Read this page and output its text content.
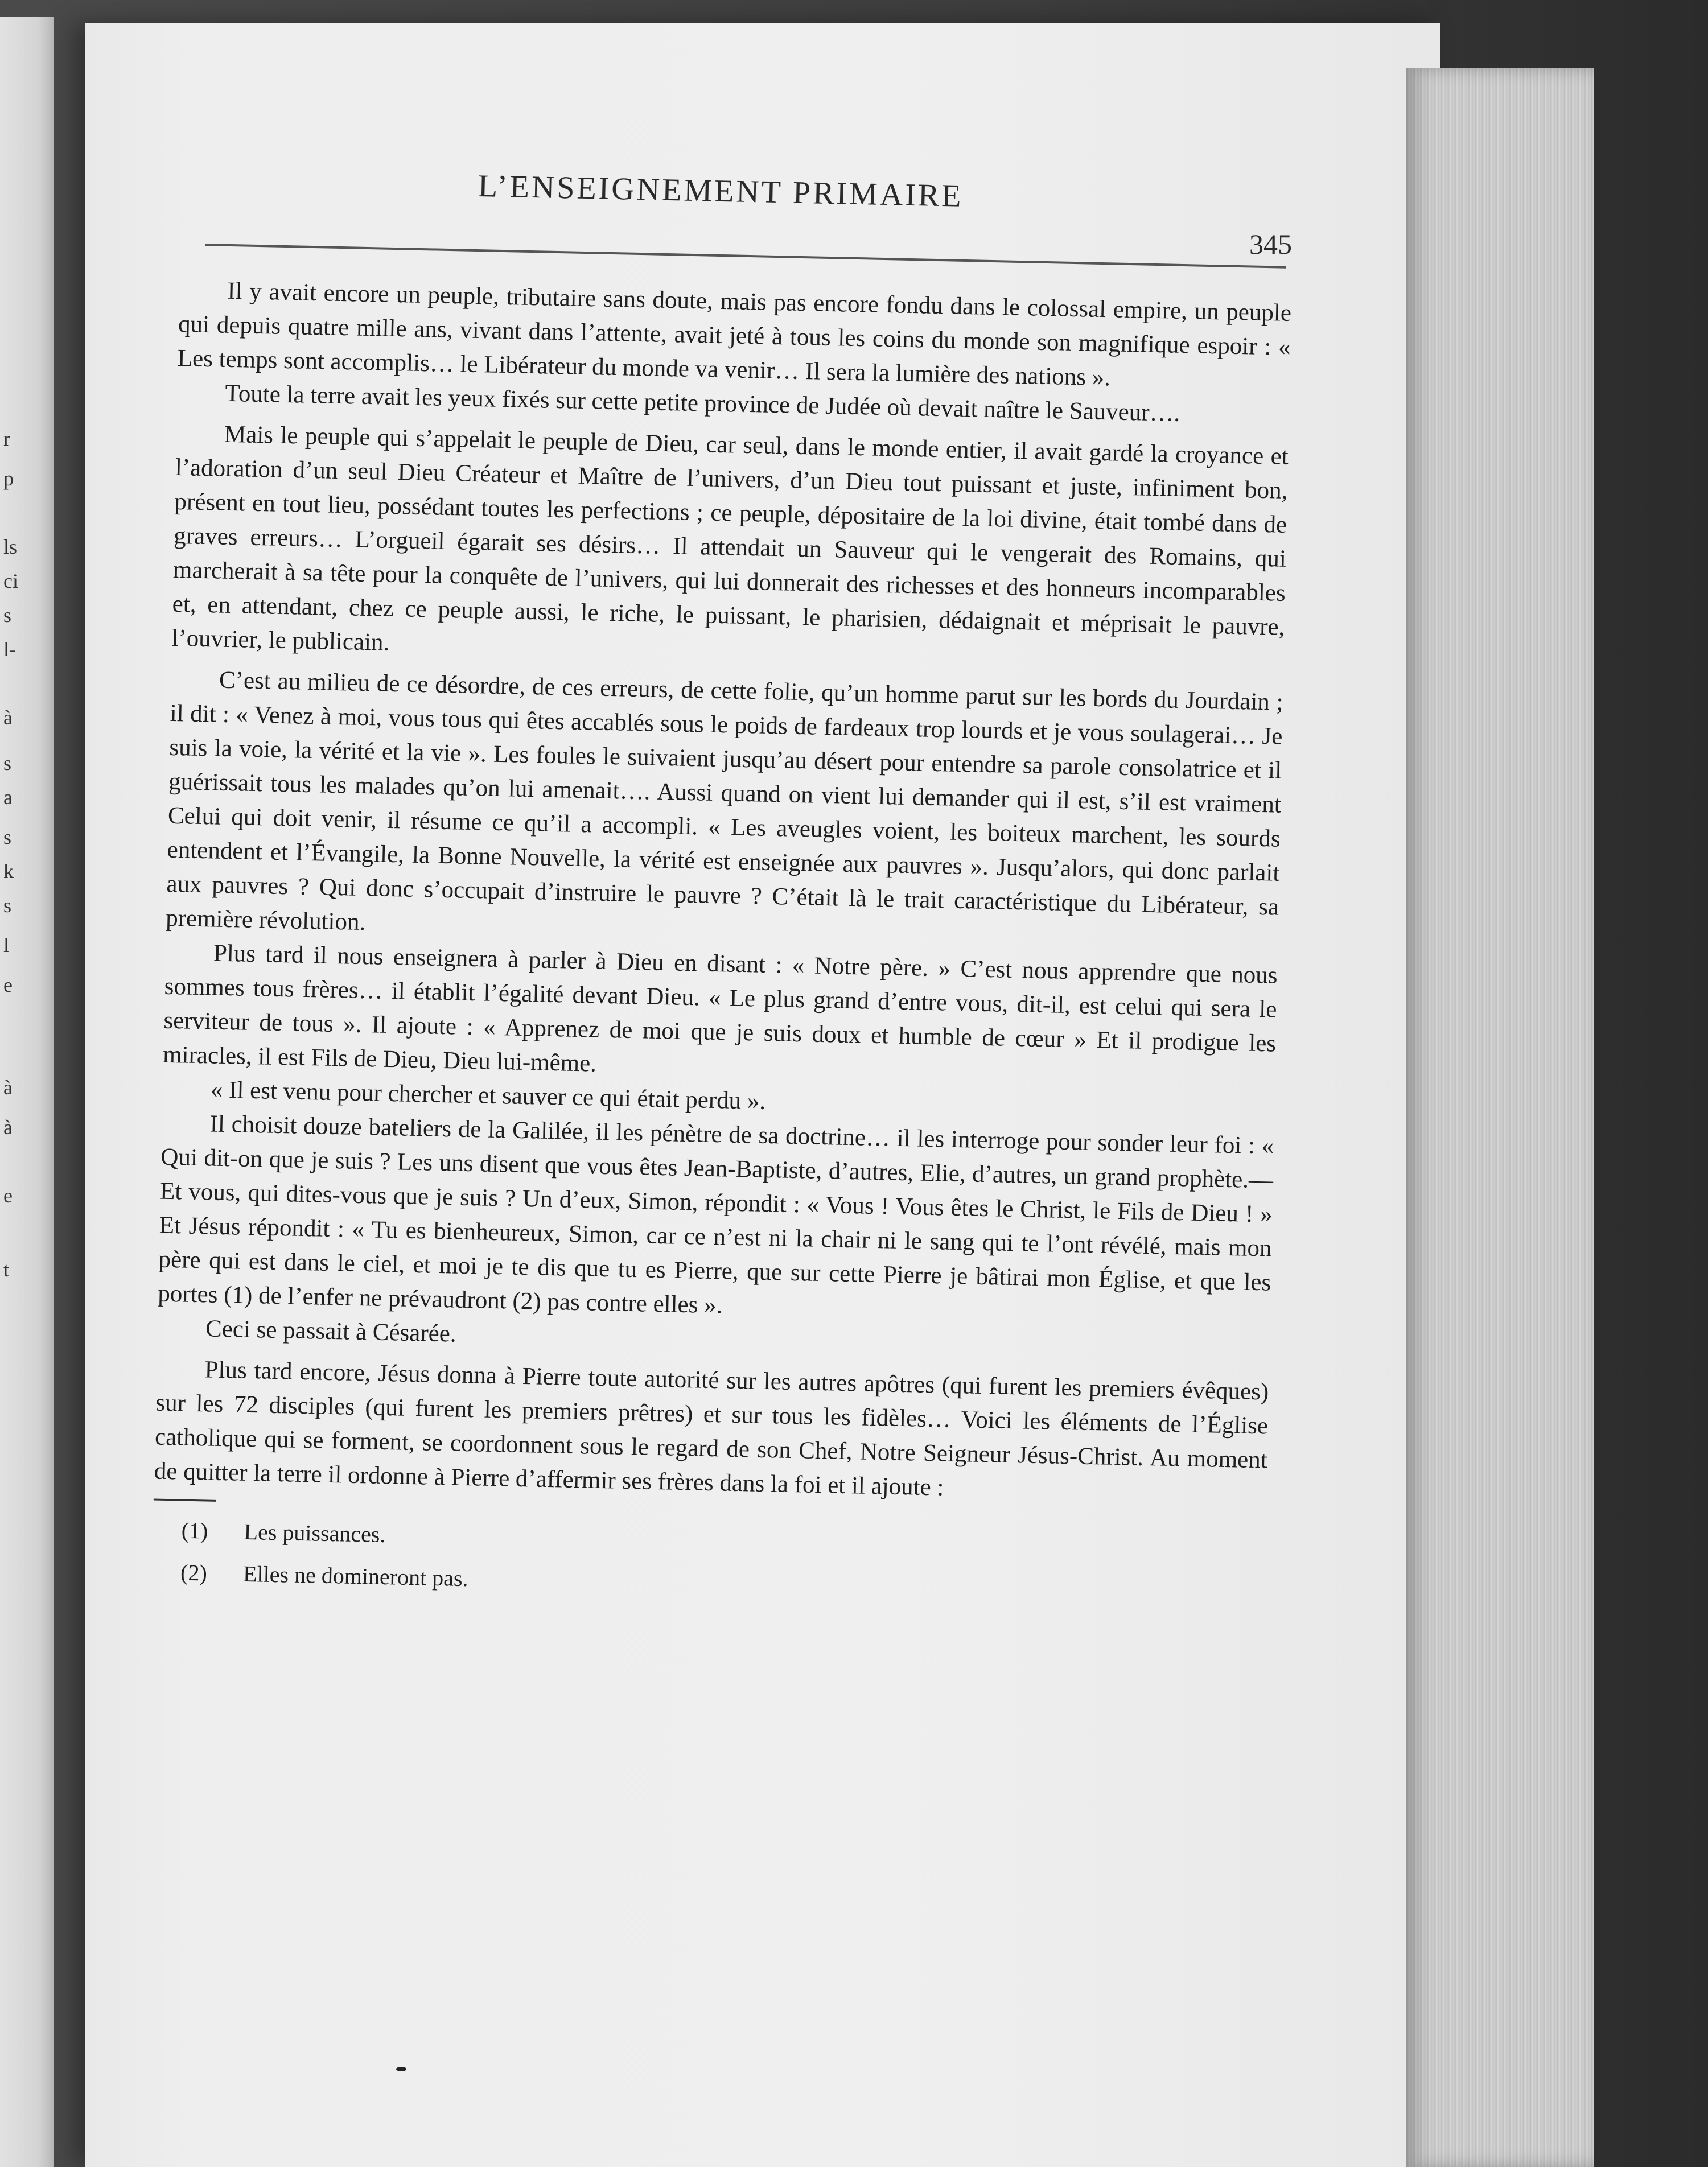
r
p
ls
ci
s
l-
à
s
a
s
k
s
l
e
à
à
e
t
L’ENSEIGNEMENT PRIMAIRE
345

Il y avait encore un peuple, tributaire sans doute, mais pas encore fondu dans le colossal empire, un peuple qui depuis quatre mille ans, vivant dans l’attente, avait jeté à tous les coins du monde son magnifique espoir : « Les temps sont accomplis… le Libérateur du monde va venir… Il sera la lumière des nations ».

Toute la terre avait les yeux fixés sur cette petite province de Judée où devait naître le Sauveur….

Mais le peuple qui s’appelait le peuple de Dieu, car seul, dans le monde entier, il avait gardé la croyance et l’adoration d’un seul Dieu Créateur et Maître de l’univers, d’un Dieu tout puissant et juste, infiniment bon, présent en tout lieu, possédant toutes les perfections ; ce peuple, dépositaire de la loi divine, était tombé dans de graves erreurs… L’orgueil égarait ses désirs… Il attendait un Sauveur qui le vengerait des Romains, qui marcherait à sa tête pour la conquête de l’univers, qui lui donnerait des richesses et des honneurs incomparables et, en attendant, chez ce peuple aussi, le riche, le puissant, le pharisien, dédaignait et méprisait le pauvre, l’ouvrier, le publicain.

C’est au milieu de ce désordre, de ces erreurs, de cette folie, qu’un homme parut sur les bords du Jourdain ; il dit : « Venez à moi, vous tous qui êtes accablés sous le poids de fardeaux trop lourds et je vous soulagerai… Je suis la voie, la vérité et la vie ». Les foules le suivaient jusqu’au désert pour entendre sa parole consolatrice et il guérissait tous les malades qu’on lui amenait…. Aussi quand on vient lui demander qui il est, s’il est vraiment Celui qui doit venir, il résume ce qu’il a accompli. « Les aveugles voient, les boiteux marchent, les sourds entendent et l’Évangile, la Bonne Nouvelle, la vérité est enseignée aux pauvres ». Jusqu’alors, qui donc parlait aux pauvres ? Qui donc s’occupait d’instruire le pauvre ? C’était là le trait caractéristique du Libérateur, sa première révolution.

Plus tard il nous enseignera à parler à Dieu en disant : « Notre père. » C’est nous apprendre que nous sommes tous frères… il établit l’égalité devant Dieu. « Le plus grand d’entre vous, dit-il, est celui qui sera le serviteur de tous ». Il ajoute : « Apprenez de moi que je suis doux et humble de cœur » Et il prodigue les miracles, il est Fils de Dieu, Dieu lui-même.

« Il est venu pour chercher et sauver ce qui était perdu ».

Il choisit douze bateliers de la Galilée, il les pénètre de sa doctrine… il les interroge pour sonder leur foi : « Qui dit-on que je suis ? Les uns disent que vous êtes Jean-Baptiste, d’autres, Elie, d’autres, un grand prophète.—Et vous, qui dites-vous que je suis ? Un d’eux, Simon, répondit : « Vous ! Vous êtes le Christ, le Fils de Dieu ! » Et Jésus répondit : « Tu es bienheureux, Simon, car ce n’est ni la chair ni le sang qui te l’ont révélé, mais mon père qui est dans le ciel, et moi je te dis que tu es Pierre, que sur cette Pierre je bâtirai mon Église, et que les portes (1) de l’enfer ne prévaudront (2) pas contre elles ».

Ceci se passait à Césarée.

Plus tard encore, Jésus donna à Pierre toute autorité sur les autres apôtres (qui furent les premiers évêques) sur les 72 disciples (qui furent les premiers prêtres) et sur tous les fidèles… Voici les éléments de l’Église catholique qui se forment, se coordonnent sous le regard de son Chef, Notre Seigneur Jésus-Christ. Au moment de quitter la terre il ordonne à Pierre d’affermir ses frères dans la foi et il ajoute :

(1) Les puissances.
(2) Elles ne domineront pas.
